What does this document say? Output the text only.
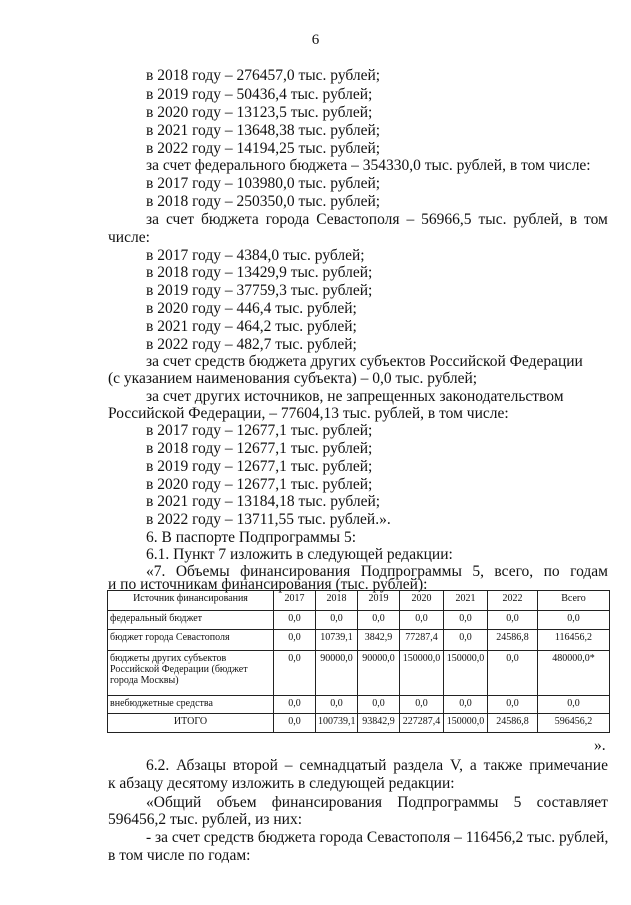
6
в 2018 году – 276457,0 тыс. рублей;
в 2019 году – 50436,4 тыс. рублей;
в 2020 году – 13123,5 тыс. рублей;
в 2021 году – 13648,38 тыс. рублей;
в 2022 году – 14194,25 тыс. рублей;
за счет федерального бюджета – 354330,0 тыс. рублей, в том числе:
в 2017 году – 103980,0 тыс. рублей;
в 2018 году – 250350,0 тыс. рублей;
за счет бюджета города Севастополя – 56966,5 тыс. рублей, в том
числе:
в 2017 году – 4384,0 тыс. рублей;
в 2018 году – 13429,9 тыс. рублей;
в 2019 году – 37759,3 тыс. рублей;
в 2020 году – 446,4 тыс. рублей;
в 2021 году – 464,2 тыс. рублей;
в 2022 году – 482,7 тыс. рублей;
за счет средств бюджета других субъектов Российской Федерации
(с указанием наименования субъекта) – 0,0 тыс. рублей;
за счет других источников, не запрещенных законодательством
Российской Федерации, – 77604,13 тыс. рублей, в том числе:
в 2017 году – 12677,1 тыс. рублей;
в 2018 году – 12677,1 тыс. рублей;
в 2019 году – 12677,1 тыс. рублей;
в 2020 году – 12677,1 тыс. рублей;
в 2021 году – 13184,18 тыс. рублей;
в 2022 году – 13711,55 тыс. рублей.».
6. В паспорте Подпрограммы 5:
6.1. Пункт 7 изложить в следующей редакции:
«7. Объемы финансирования Подпрограммы 5, всего, по годам
и по источникам финансирования (тыс. рублей):
Источник финансирования	2017	2018	2019	2020	2021	2022	Всего
федеральный бюджет	0,0	0,0	0,0	0,0	0,0	0,0	0,0
бюджет города Севастополя	0,0	10739,1	3842,9	77287,4	0,0	24586,8	116456,2
бюджеты других субъектов Российской Федерации (бюджет города Москвы)	0,0	90000,0	90000,0	150000,0	150000,0	0,0	480000,0*
внебюджетные средства	0,0	0,0	0,0	0,0	0,0	0,0	0,0
ИТОГО	0,0	100739,1	93842,9	227287,4	150000,0	24586,8	596456,2
».
6.2. Абзацы второй – семнадцатый раздела V, а также примечание
к абзацу десятому изложить в следующей редакции:
«Общий объем финансирования Подпрограммы 5 составляет
596456,2 тыс. рублей, из них:
- за счет средств бюджета города Севастополя – 116456,2 тыс. рублей,
в том числе по годам:
